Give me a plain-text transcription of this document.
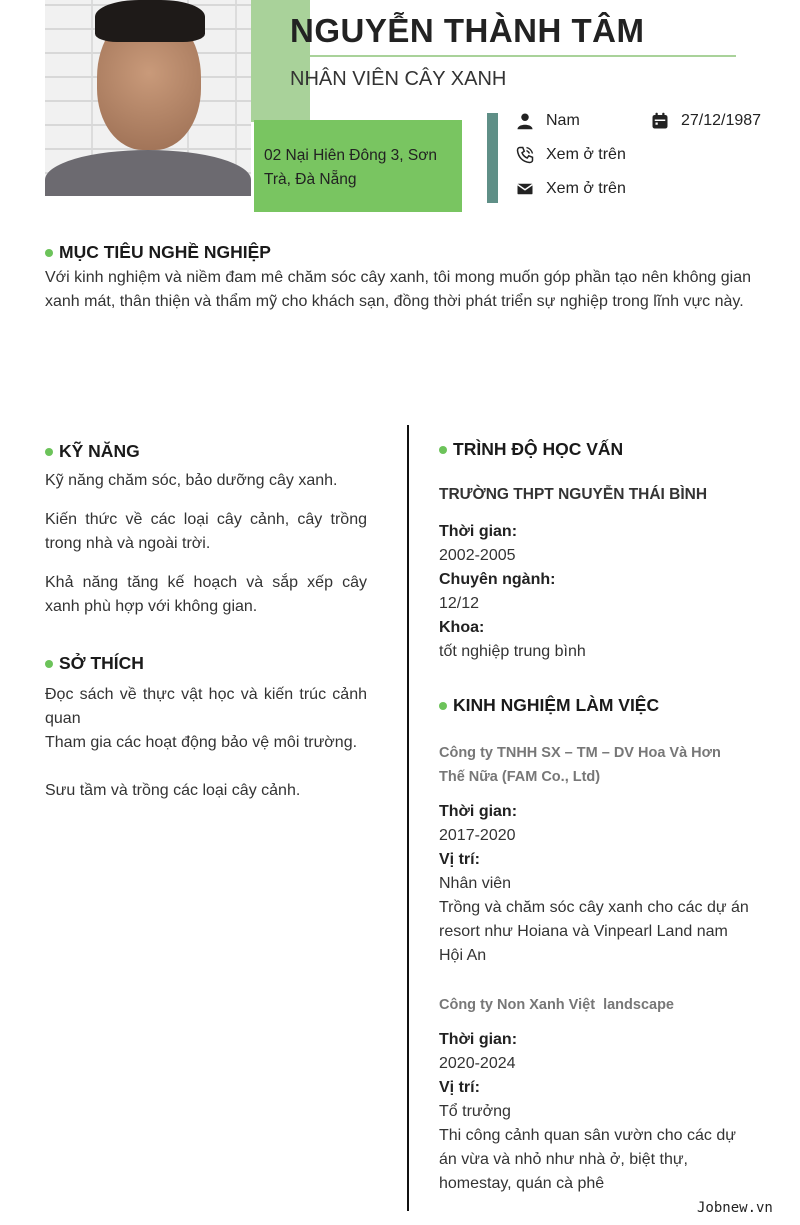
NGUYỄN THÀNH TÂM
NHÂN VIÊN CÂY XANH
02 Nại Hiên Đông 3, Sơn Trà, Đà Nẵng
Nam	27/12/1987
Xem ở trên
Xem ở trên
MỤC TIÊU NGHỀ NGHIỆP
Với kinh nghiệm và niềm đam mê chăm sóc cây xanh, tôi mong muốn góp phần tạo nên không gian xanh mát, thân thiện và thẩm mỹ cho khách sạn, đồng thời phát triển sự nghiệp trong lĩnh vực này.
KỸ NĂNG
Kỹ năng chăm sóc, bảo dưỡng cây xanh.
Kiến thức về các loại cây cảnh, cây trồng trong nhà và ngoài trời.
Khả năng tăng kế hoạch và sắp xếp cây xanh phù hợp với không gian.
SỞ THÍCH
Đọc sách về thực vật học và kiến trúc cảnh quan
Tham gia các hoạt động bảo vệ môi trường.
Sưu tầm và trồng các loại cây cảnh.
TRÌNH ĐỘ HỌC VẤN
TRƯỜNG THPT NGUYỄN THÁI BÌNH
Thời gian:
2002-2005
Chuyên ngành:
12/12
Khoa:
tốt nghiệp trung bình
KINH NGHIỆM LÀM VIỆC
Công ty TNHH SX – TM – DV Hoa Và Hơn Thế Nữa (FAM Co., Ltd)
Thời gian:
2017-2020
Vị trí:
Nhân viên
Trồng và chăm sóc cây xanh cho các dự án resort như Hoiana và Vinpearl Land nam Hội An
Công ty Non Xanh Việt  landscape
Thời gian:
2020-2024
Vị trí:
Tổ trưởng
Thi công cảnh quan sân vườn cho các dự án vừa và nhỏ như nhà ở, biệt thự, homestay, quán cà phê
Jobnew.vn
